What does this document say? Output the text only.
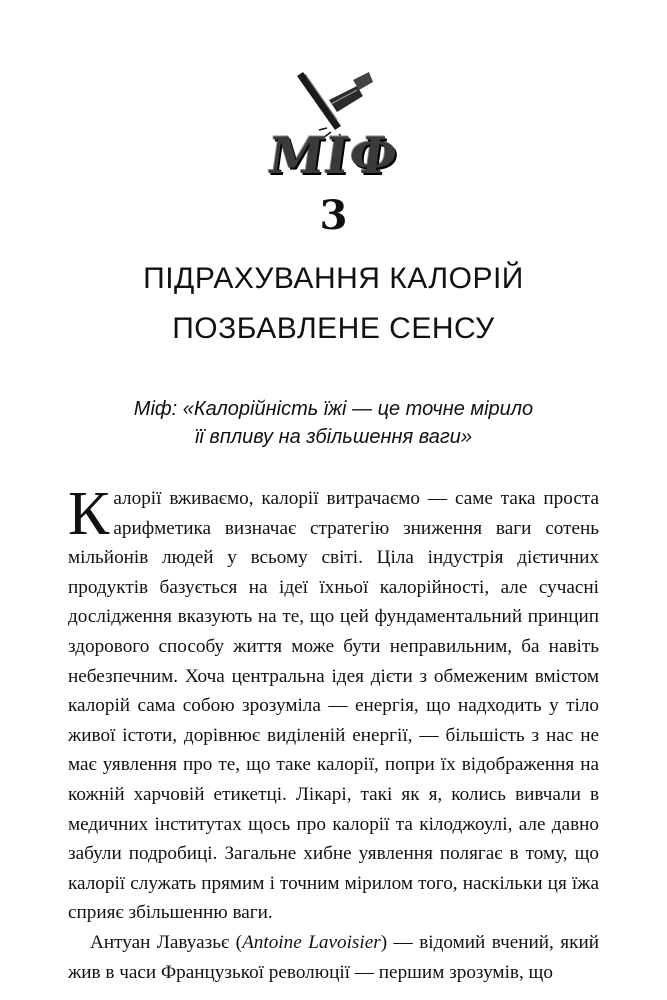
МІФ
3
ПІДРАХУВАННЯ КАЛОРІЙ
ПОЗБАВЛЕНЕ СЕНСУ
Міф: «Калорійність їжі — це точне мірило
її впливу на збільшення ваги»

Калорії вживаємо, калорії витрачаємо — саме така проста арифметика визначає стратегію зниження ваги сотень мільйонів людей у всьому світі. Ціла індустрія дієтичних продуктів базується на ідеї їхньої калорійності, але сучасні дослідження вказують на те, що цей фундаментальний принцип здорового способу життя може бути неправильним, ба навіть небезпечним. Хоча центральна ідея дієти з обмеженим вмістом калорій сама собою зрозуміла — енергія, що надходить у тіло живої істоти, дорівнює виділеній енергії, — більшість з нас не має уявлення про те, що таке калорії, попри їх відображення на кожній харчовій етикетці. Лікарі, такі як я, колись вивчали в медичних інститутах щось про калорії та кілоджоулі, але давно забули подробиці. Загальне хибне уявлення полягає в тому, що калорії служать прямим і точним мірилом того, наскільки ця їжа сприяє збільшенню ваги.

Антуан Лавуазьє (Antoine Lavoisier) — відомий вчений, який жив в часи Французької революції — першим зрозумів, що
